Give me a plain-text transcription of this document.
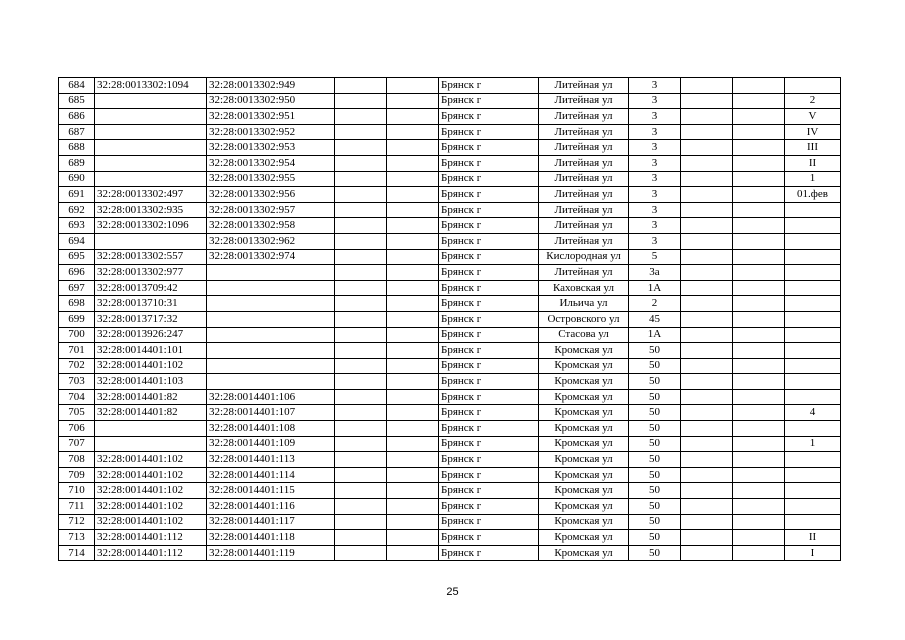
684	32:28:0013302:1094	32:28:0013302:949			Брянск г	Литейная ул	3			
685		32:28:0013302:950			Брянск г	Литейная ул	3			2
686		32:28:0013302:951			Брянск г	Литейная ул	3			V
687		32:28:0013302:952			Брянск г	Литейная ул	3			IV
688		32:28:0013302:953			Брянск г	Литейная ул	3			III
689		32:28:0013302:954			Брянск г	Литейная ул	3			II
690		32:28:0013302:955			Брянск г	Литейная ул	3			1
691	32:28:0013302:497	32:28:0013302:956			Брянск г	Литейная ул	3			01.фев
692	32:28:0013302:935	32:28:0013302:957			Брянск г	Литейная ул	3			
693	32:28:0013302:1096	32:28:0013302:958			Брянск г	Литейная ул	3			
694		32:28:0013302:962			Брянск г	Литейная ул	3			
695	32:28:0013302:557	32:28:0013302:974			Брянск г	Кислородная ул	5			
696	32:28:0013302:977				Брянск г	Литейная ул	3а			
697	32:28:0013709:42				Брянск г	Каховская ул	1А			
698	32:28:0013710:31				Брянск г	Ильича ул	2			
699	32:28:0013717:32				Брянск г	Островского ул	45			
700	32:28:0013926:247				Брянск г	Стасова ул	1А			
701	32:28:0014401:101				Брянск г	Кромская ул	50			
702	32:28:0014401:102				Брянск г	Кромская ул	50			
703	32:28:0014401:103				Брянск г	Кромская ул	50			
704	32:28:0014401:82	32:28:0014401:106			Брянск г	Кромская ул	50			
705	32:28:0014401:82	32:28:0014401:107			Брянск г	Кромская ул	50			4
706		32:28:0014401:108			Брянск г	Кромская ул	50			
707		32:28:0014401:109			Брянск г	Кромская ул	50			1
708	32:28:0014401:102	32:28:0014401:113			Брянск г	Кромская ул	50			
709	32:28:0014401:102	32:28:0014401:114			Брянск г	Кромская ул	50			
710	32:28:0014401:102	32:28:0014401:115			Брянск г	Кромская ул	50			
711	32:28:0014401:102	32:28:0014401:116			Брянск г	Кромская ул	50			
712	32:28:0014401:102	32:28:0014401:117			Брянск г	Кромская ул	50			
713	32:28:0014401:112	32:28:0014401:118			Брянск г	Кромская ул	50			II
714	32:28:0014401:112	32:28:0014401:119			Брянск г	Кромская ул	50			I
25
